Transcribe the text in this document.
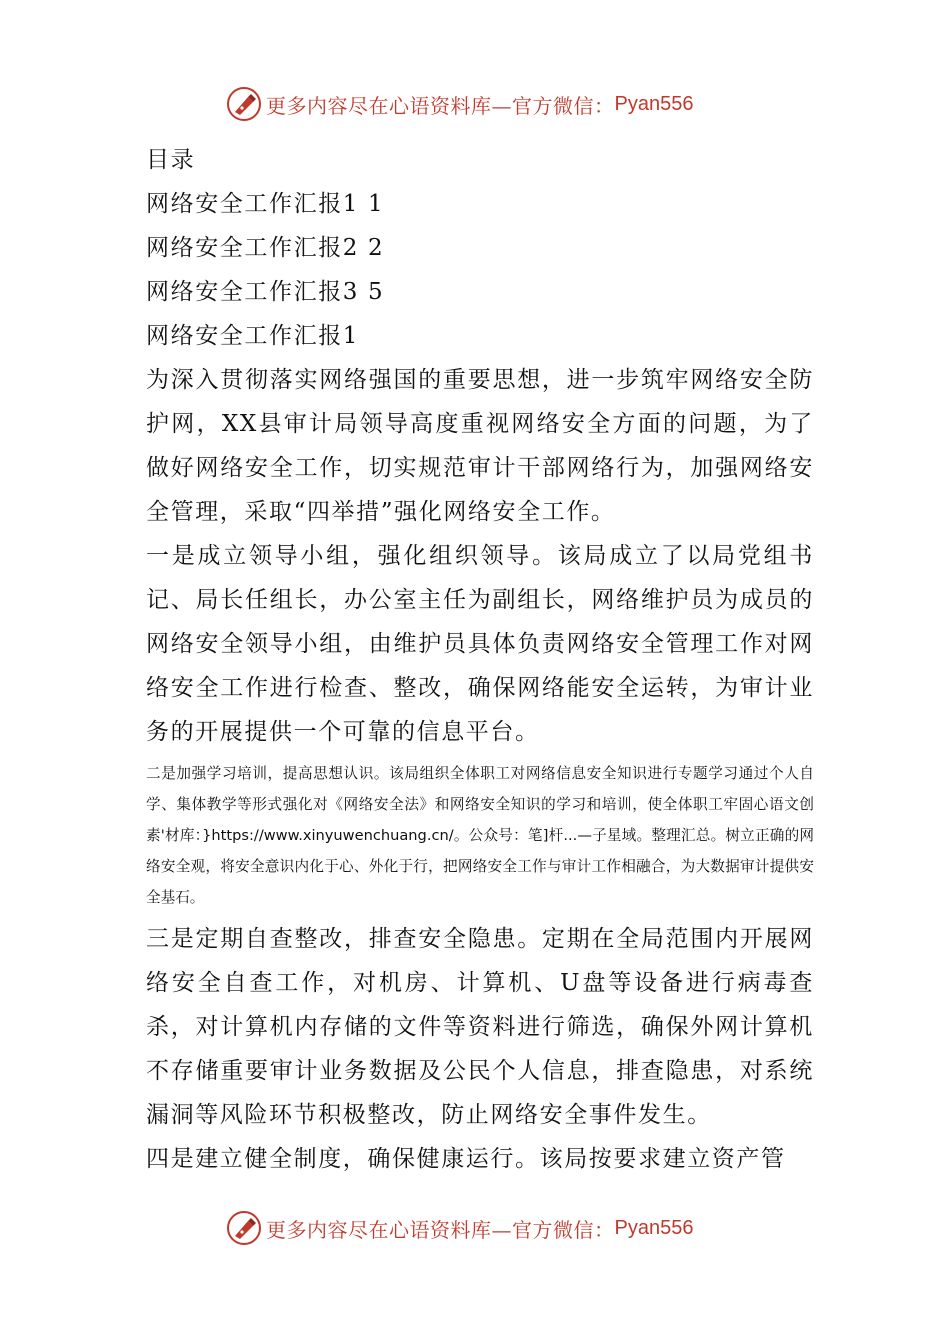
更多内容尽在心语资料库—官方微信： Pyan556

目录

网络安全工作汇报1 1

网络安全工作汇报2 2

网络安全工作汇报3 5

网络安全工作汇报1

为深入贯彻落实网络强国的重要思想，进一步筑牢网络安全防护网，XX县审计局领导高度重视网络安全方面的问题，为了做好网络安全工作，切实规范审计干部网络行为，加强网络安全管理，采取“四举措”强化网络安全工作。

一是成立领导小组，强化组织领导。该局成立了以局党组书记、局长任组长，办公室主任为副组长，网络维护员为成员的网络安全领导小组，由维护员具体负责网络安全管理工作对网络安全工作进行检查、整改，确保网络能安全运转，为审计业务的开展提供一个可靠的信息平台。

二是加强学习培训，提高思想认识。该局组织全体职工对网络信息安全知识进行专题学习通过个人自学、集体教学等形式强化对《网络安全法》和网络安全知识的学习和培训，使全体职工牢固心语文创素'材库：}https://www.xinyuwenchuang.cn/。公众号：笔]杆...—子星域。整理汇总。树立正确的网络安全观，将安全意识内化于心、外化于行，把网络安全工作与审计工作相融合，为大数据审计提供安全基石。

三是定期自查整改，排查安全隐患。定期在全局范围内开展网络安全自查工作，对机房、计算机、U盘等设备进行病毒查杀，对计算机内存储的文件等资料进行筛选，确保外网计算机不存储重要审计业务数据及公民个人信息，排查隐患，对系统漏洞等风险环节积极整改，防止网络安全事件发生。

四是建立健全制度，确保健康运行。该局按要求建立资产管

更多内容尽在心语资料库—官方微信： Pyan556
